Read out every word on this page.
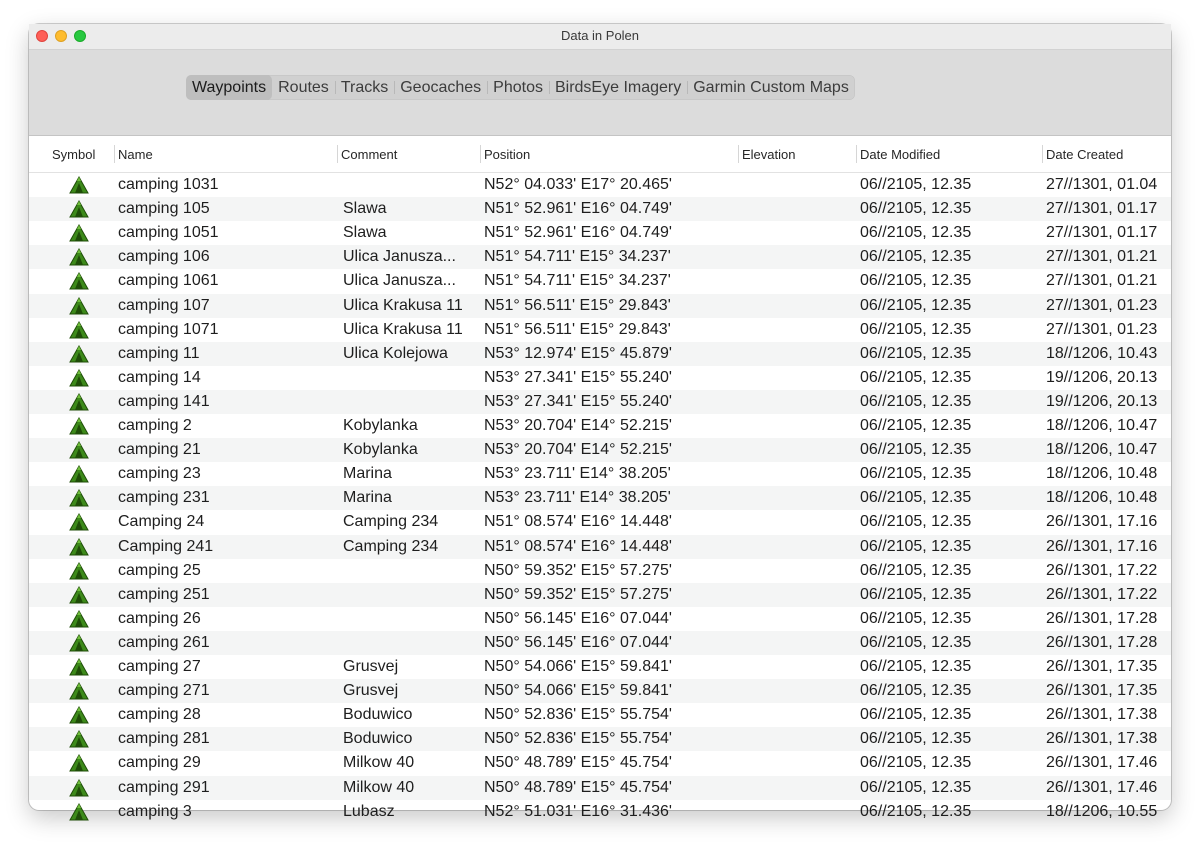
Data in Polen
Waypoints Routes Tracks Geocaches Photos BirdsEye Imagery Garmin Custom Maps
Symbol	Name	Comment	Position	Elevation	Date Modified	Date Created
camping 1031	N52° 04.033' E17° 20.465'	06//2105, 12.35	27//1301, 01.04
camping 105	Slawa	N51° 52.961' E16° 04.749'	06//2105, 12.35	27//1301, 01.17
camping 1051	Slawa	N51° 52.961' E16° 04.749'	06//2105, 12.35	27//1301, 01.17
camping 106	Ulica Janusza...	N51° 54.711' E15° 34.237'	06//2105, 12.35	27//1301, 01.21
camping 1061	Ulica Janusza...	N51° 54.711' E15° 34.237'	06//2105, 12.35	27//1301, 01.21
camping 107	Ulica Krakusa 11	N51° 56.511' E15° 29.843'	06//2105, 12.35	27//1301, 01.23
camping 1071	Ulica Krakusa 11	N51° 56.511' E15° 29.843'	06//2105, 12.35	27//1301, 01.23
camping 11	Ulica Kolejowa	N53° 12.974' E15° 45.879'	06//2105, 12.35	18//1206, 10.43
camping 14	N53° 27.341' E15° 55.240'	06//2105, 12.35	19//1206, 20.13
camping 141	N53° 27.341' E15° 55.240'	06//2105, 12.35	19//1206, 20.13
camping 2	Kobylanka	N53° 20.704' E14° 52.215'	06//2105, 12.35	18//1206, 10.47
camping 21	Kobylanka	N53° 20.704' E14° 52.215'	06//2105, 12.35	18//1206, 10.47
camping 23	Marina	N53° 23.711' E14° 38.205'	06//2105, 12.35	18//1206, 10.48
camping 231	Marina	N53° 23.711' E14° 38.205'	06//2105, 12.35	18//1206, 10.48
Camping 24	Camping 234	N51° 08.574' E16° 14.448'	06//2105, 12.35	26//1301, 17.16
Camping 241	Camping 234	N51° 08.574' E16° 14.448'	06//2105, 12.35	26//1301, 17.16
camping 25	N50° 59.352' E15° 57.275'	06//2105, 12.35	26//1301, 17.22
camping 251	N50° 59.352' E15° 57.275'	06//2105, 12.35	26//1301, 17.22
camping 26	N50° 56.145' E16° 07.044'	06//2105, 12.35	26//1301, 17.28
camping 261	N50° 56.145' E16° 07.044'	06//2105, 12.35	26//1301, 17.28
camping 27	Grusvej	N50° 54.066' E15° 59.841'	06//2105, 12.35	26//1301, 17.35
camping 271	Grusvej	N50° 54.066' E15° 59.841'	06//2105, 12.35	26//1301, 17.35
camping 28	Boduwico	N50° 52.836' E15° 55.754'	06//2105, 12.35	26//1301, 17.38
camping 281	Boduwico	N50° 52.836' E15° 55.754'	06//2105, 12.35	26//1301, 17.38
camping 29	Milkow 40	N50° 48.789' E15° 45.754'	06//2105, 12.35	26//1301, 17.46
camping 291	Milkow 40	N50° 48.789' E15° 45.754'	06//2105, 12.35	26//1301, 17.46
camping 3	Lubasz	N52° 51.031' E16° 31.436'	06//2105, 12.35	18//1206, 10.55
